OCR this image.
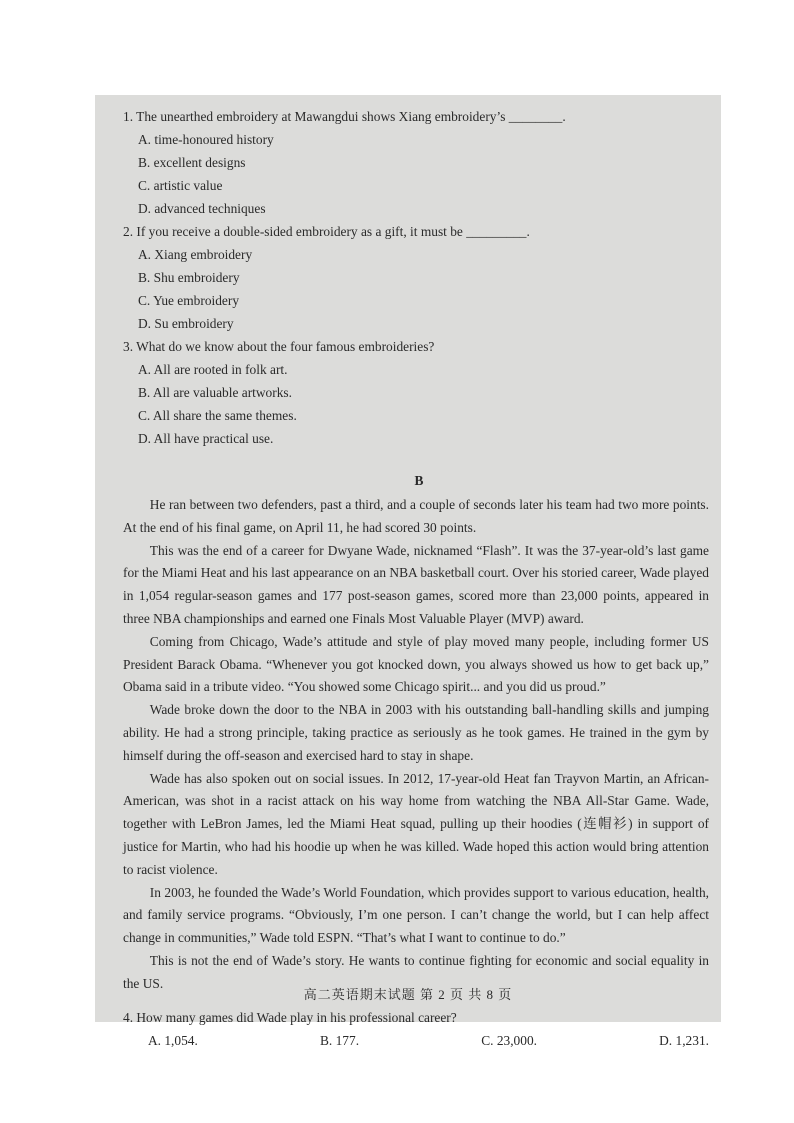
1. The unearthed embroidery at Mawangdui shows Xiang embroidery’s ________.
A. time-honoured history
B. excellent designs
C. artistic value
D. advanced techniques
2. If you receive a double-sided embroidery as a gift, it must be _________.
A. Xiang embroidery
B. Shu embroidery
C. Yue embroidery
D. Su embroidery
3. What do we know about the four famous embroideries?
A. All are rooted in folk art.
B. All are valuable artworks.
C. All share the same themes.
D. All have practical use.
B

He ran between two defenders, past a third, and a couple of seconds later his team had two more points. At the end of his final game, on April 11, he had scored 30 points.

This was the end of a career for Dwyane Wade, nicknamed “Flash”. It was the 37-year-old’s last game for the Miami Heat and his last appearance on an NBA basketball court. Over his storied career, Wade played in 1,054 regular-season games and 177 post-season games, scored more than 23,000 points, appeared in three NBA championships and earned one Finals Most Valuable Player (MVP) award.

Coming from Chicago, Wade’s attitude and style of play moved many people, including former US President Barack Obama. “Whenever you got knocked down, you always showed us how to get back up,” Obama said in a tribute video. “You showed some Chicago spirit... and you did us proud.”

Wade broke down the door to the NBA in 2003 with his outstanding ball-handling skills and jumping ability. He had a strong principle, taking practice as seriously as he took games. He trained in the gym by himself during the off-season and exercised hard to stay in shape.

Wade has also spoken out on social issues. In 2012, 17-year-old Heat fan Trayvon Martin, an African-American, was shot in a racist attack on his way home from watching the NBA All-Star Game. Wade, together with LeBron James, led the Miami Heat squad, pulling up their hoodies (连帽衫) in support of justice for Martin, who had his hoodie up when he was killed. Wade hoped this action would bring attention to racist violence.

In 2003, he founded the Wade’s World Foundation, which provides support to various education, health, and family service programs. “Obviously, I’m one person. I can’t change the world, but I can help affect change in communities,” Wade told ESPN. “That’s what I want to continue to do.”

This is not the end of Wade’s story. He wants to continue fighting for economic and social equality in the US.

4. How many games did Wade play in his professional career?
A. 1,054.	B. 177.	C. 23,000.	D. 1,231.
高二英语期末试题 第 2 页 共 8 页
